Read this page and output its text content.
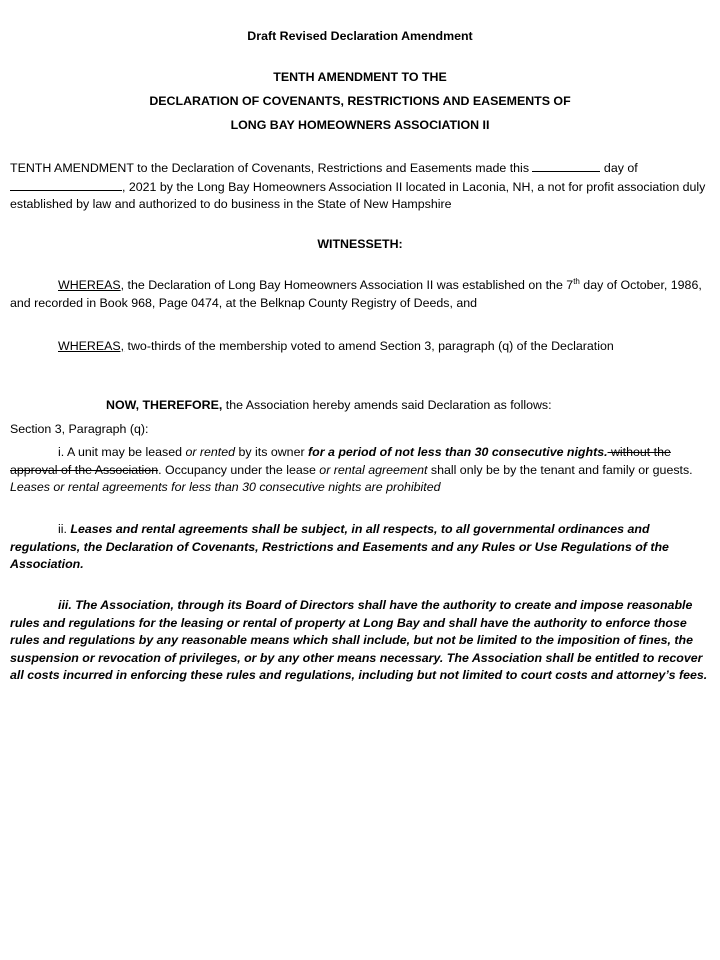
Draft Revised Declaration Amendment

TENTH AMENDMENT TO THE

DECLARATION OF COVENANTS, RESTRICTIONS AND EASEMENTS OF

LONG BAY HOMEOWNERS ASSOCIATION II

TENTH AMENDMENT to the Declaration of Covenants, Restrictions and Easements made this	day of
, 2021 by the Long Bay Homeowners Association II located in Laconia, NH, a not for profit association duly established by law and authorized to do business in the State of New Hampshire

WITNESSETH:

WHEREAS, the Declaration of Long Bay Homeowners Association II was established on the 7th day of October, 1986, and recorded in Book 968, Page 0474, at the Belknap County Registry of Deeds, and

WHEREAS, two-thirds of the membership voted to amend Section 3, paragraph (q) of the Declaration

NOW, THEREFORE, the Association hereby amends said Declaration as follows:

Section 3, Paragraph (q):

i. A unit may be leased or rented by its owner for a period of not less than 30 consecutive nights. without the approval of the Association. Occupancy under the lease or rental agreement shall only be by the tenant and family or guests. Leases or rental agreements for less than 30 consecutive nights are prohibited

ii. Leases and rental agreements shall be subject, in all respects, to all governmental ordinances and regulations, the Declaration of Covenants, Restrictions and Easements and any Rules or Use Regulations of the Association.

iii. The Association, through its Board of Directors shall have the authority to create and impose reasonable rules and regulations for the leasing or rental of property at Long Bay and shall have the authority to enforce those rules and regulations by any reasonable means which shall include, but not be limited to the imposition of fines, the suspension or revocation of privileges, or by any other means necessary. The Association shall be entitled to recover all costs incurred in enforcing these rules and regulations, including but not limited to court costs and attorney’s fees.
